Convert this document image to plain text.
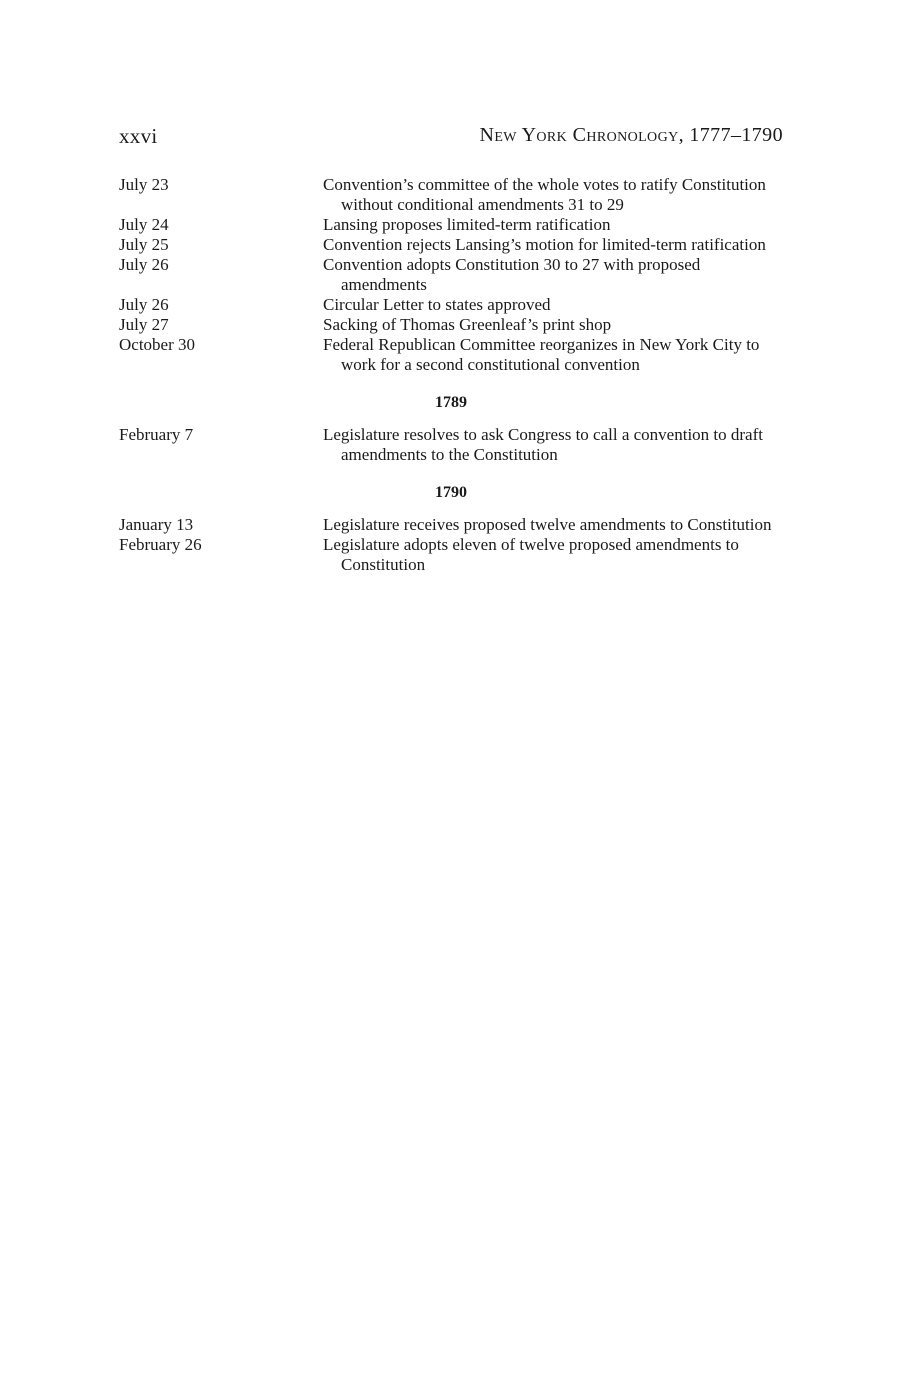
xxvi	New York Chronology, 1777–1790
July 23	Convention’s committee of the whole votes to ratify Constitution without conditional amendments 31 to 29
July 24	Lansing proposes limited-term ratification
July 25	Convention rejects Lansing’s motion for limited-term ratification
July 26	Convention adopts Constitution 30 to 27 with proposed amendments
July 26	Circular Letter to states approved
July 27	Sacking of Thomas Greenleaf’s print shop
October 30	Federal Republican Committee reorganizes in New York City to work for a second constitutional convention
1789
February 7	Legislature resolves to ask Congress to call a convention to draft amendments to the Constitution
1790
January 13	Legislature receives proposed twelve amendments to Constitution
February 26	Legislature adopts eleven of twelve proposed amendments to Constitution
